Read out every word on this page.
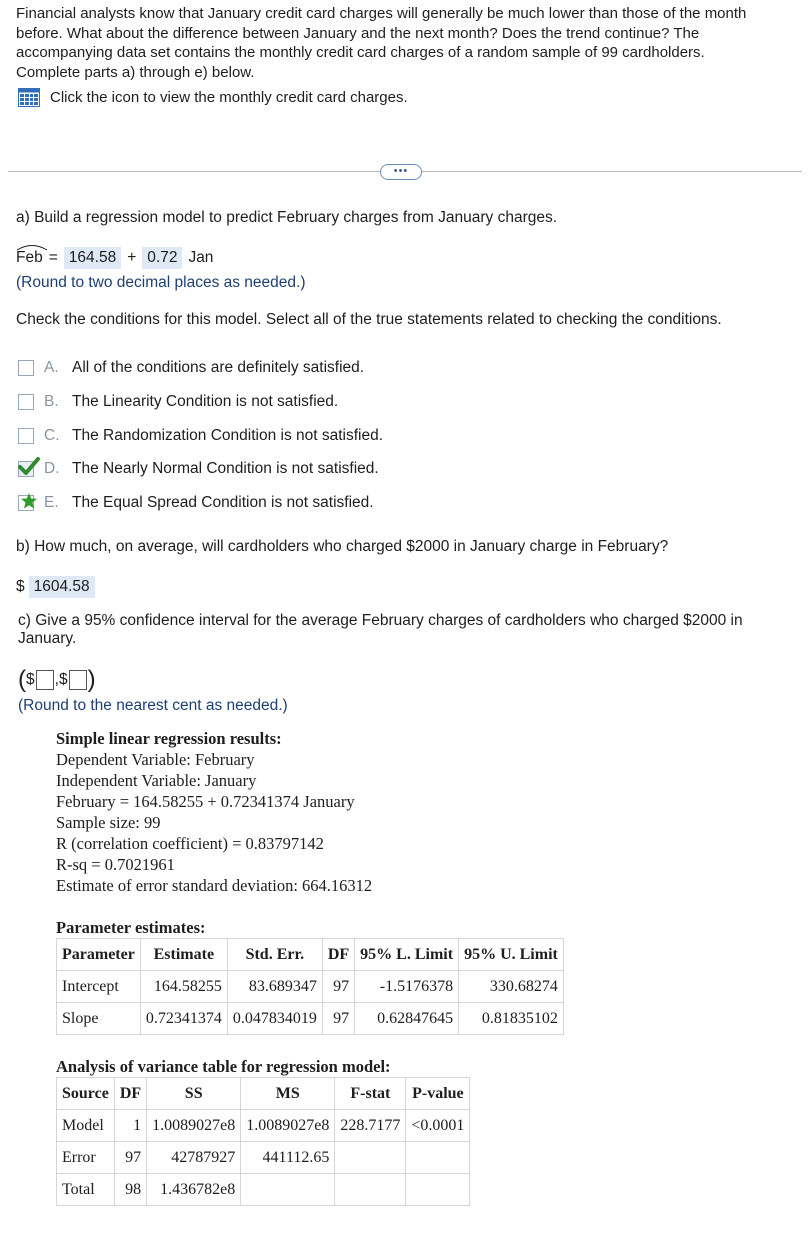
Financial analysts know that January credit card charges will generally be much lower than those of the month
before. What about the difference between January and the next month? Does the trend continue? The
accompanying data set contains the monthly credit card charges of a random sample of 99 cardholders.
Complete parts a) through e) below.
Click the icon to view the monthly credit card charges.
•••
a) Build a regression model to predict February charges from January charges.
Feb = 164.58 + 0.72 Jan
(Round to two decimal places as needed.)
Check the conditions for this model. Select all of the true statements related to checking the conditions.
A. All of the conditions are definitely satisfied.
B. The Linearity Condition is not satisfied.
C. The Randomization Condition is not satisfied.
D. The Nearly Normal Condition is not satisfied.
E. The Equal Spread Condition is not satisfied.
b) How much, on average, will cardholders who charged $2000 in January charge in February?
$ 1604.58
c) Give a 95% confidence interval for the average February charges of cardholders who charged $2000 in
January.
( $ , $ )
(Round to the nearest cent as needed.)
Simple linear regression results:
Dependent Variable: February
Independent Variable: January
February = 164.58255 + 0.72341374 January
Sample size: 99
R (correlation coefficient) = 0.83797142
R-sq = 0.7021961
Estimate of error standard deviation: 664.16312
Parameter estimates:
Parameter	Estimate	Std. Err.	DF	95% L. Limit	95% U. Limit
Intercept	164.58255	83.689347	97	-1.5176378	330.68274
Slope	0.72341374	0.047834019	97	0.62847645	0.81835102
Analysis of variance table for regression model:
Source	DF	SS	MS	F-stat	P-value
Model	1	1.0089027e8	1.0089027e8	228.7177	<0.0001
Error	97	42787927	441112.65		
Total	98	1.436782e8			
